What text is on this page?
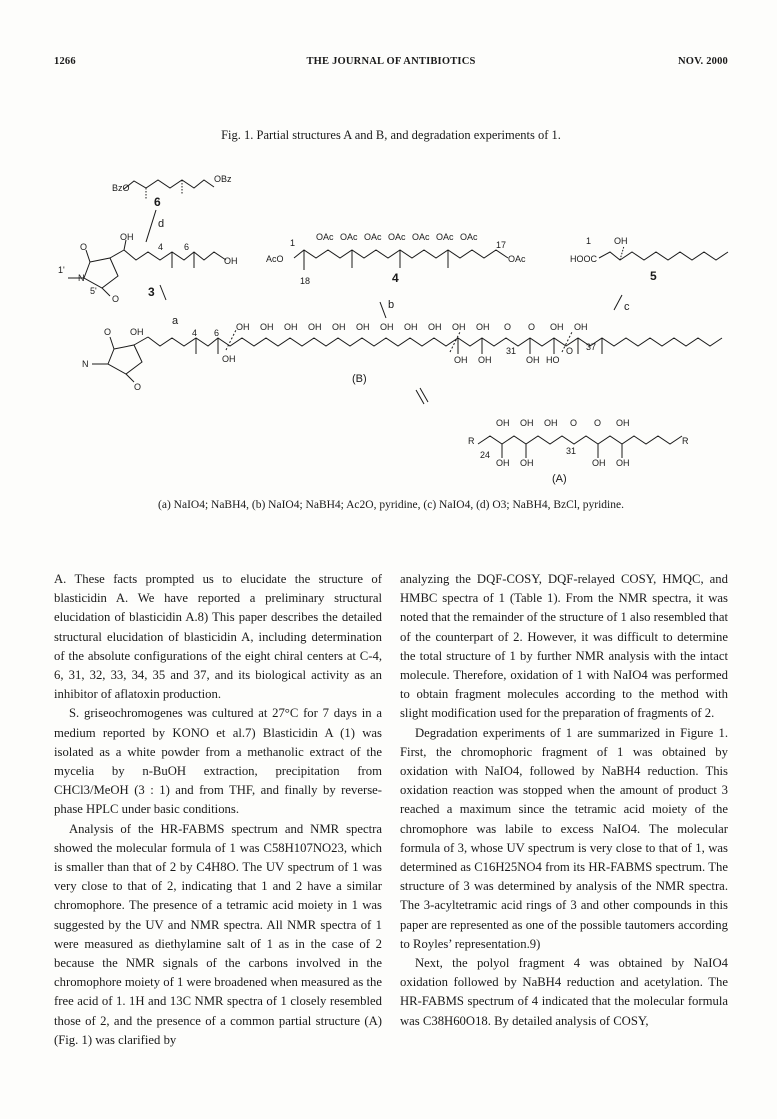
1266	THE JOURNAL OF ANTIBIOTICS	NOV. 2000
Fig. 1. Partial structures A and B, and degradation experiments of 1.
BzO
OBz
6
d
OH
O
1'
N
5'
O
4 6
OH
3
a
1
AcO
OAc OAc OAc OAc OAc OAc OAc
17
OAc
18	4
b
1	OH
HOOC
5
c
OH
O
N
O
4 6
OH
OH OH OH OH OH OH OH OH OH OH OH O O OH OH
OH OH
31
OH HO
O 37
(B)
OH OH OH O O OH
R	R
24	31
OH OH	OH OH
(A)
(a) NaIO4; NaBH4, (b) NaIO4; NaBH4; Ac2O, pyridine, (c) NaIO4, (d) O3; NaBH4, BzCl, pyridine.

A. These facts prompted us to elucidate the structure of blasticidin A. We have reported a preliminary structural elucidation of blasticidin A.8) This paper describes the detailed structural elucidation of blasticidin A, including determination of the absolute configurations of the eight chiral centers at C-4, 6, 31, 32, 33, 34, 35 and 37, and its biological activity as an inhibitor of aflatoxin production.

S. griseochromogenes was cultured at 27°C for 7 days in a medium reported by KONO et al.7) Blasticidin A (1) was isolated as a white powder from a methanolic extract of the mycelia by n-BuOH extraction, precipitation from CHCl3/MeOH (3 : 1) and from THF, and finally by reverse-phase HPLC under basic conditions.

Analysis of the HR-FABMS spectrum and NMR spectra showed the molecular formula of 1 was C58H107NO23, which is smaller than that of 2 by C4H8O. The UV spectrum of 1 was very close to that of 2, indicating that 1 and 2 have a similar chromophore. The presence of a tetramic acid moiety in 1 was suggested by the UV and NMR spectra. All NMR spectra of 1 were measured as diethylamine salt of 1 as in the case of 2 because the NMR signals of the carbons involved in the chromophore moiety of 1 were broadened when measured as the free acid of 1. 1H and 13C NMR spectra of 1 closely resembled those of 2, and the presence of a common partial structure (A) (Fig. 1) was clarified by

analyzing the DQF-COSY, DQF-relayed COSY, HMQC, and HMBC spectra of 1 (Table 1). From the NMR spectra, it was noted that the remainder of the structure of 1 also resembled that of the counterpart of 2. However, it was difficult to determine the total structure of 1 by further NMR analysis with the intact molecule. Therefore, oxidation of 1 with NaIO4 was performed to obtain fragment molecules according to the method with slight modification used for the preparation of fragments of 2.

Degradation experiments of 1 are summarized in Figure 1. First, the chromophoric fragment of 1 was obtained by oxidation with NaIO4, followed by NaBH4 reduction. This oxidation reaction was stopped when the amount of product 3 reached a maximum since the tetramic acid moiety of the chromophore was labile to excess NaIO4. The molecular formula of 3, whose UV spectrum is very close to that of 1, was determined as C16H25NO4 from its HR-FABMS spectrum. The structure of 3 was determined by analysis of the NMR spectra. The 3-acyltetramic acid rings of 3 and other compounds in this paper are represented as one of the possible tautomers according to Royles’ representation.9)

Next, the polyol fragment 4 was obtained by NaIO4 oxidation followed by NaBH4 reduction and acetylation. The HR-FABMS spectrum of 4 indicated that the molecular formula was C38H60O18. By detailed analysis of COSY,
